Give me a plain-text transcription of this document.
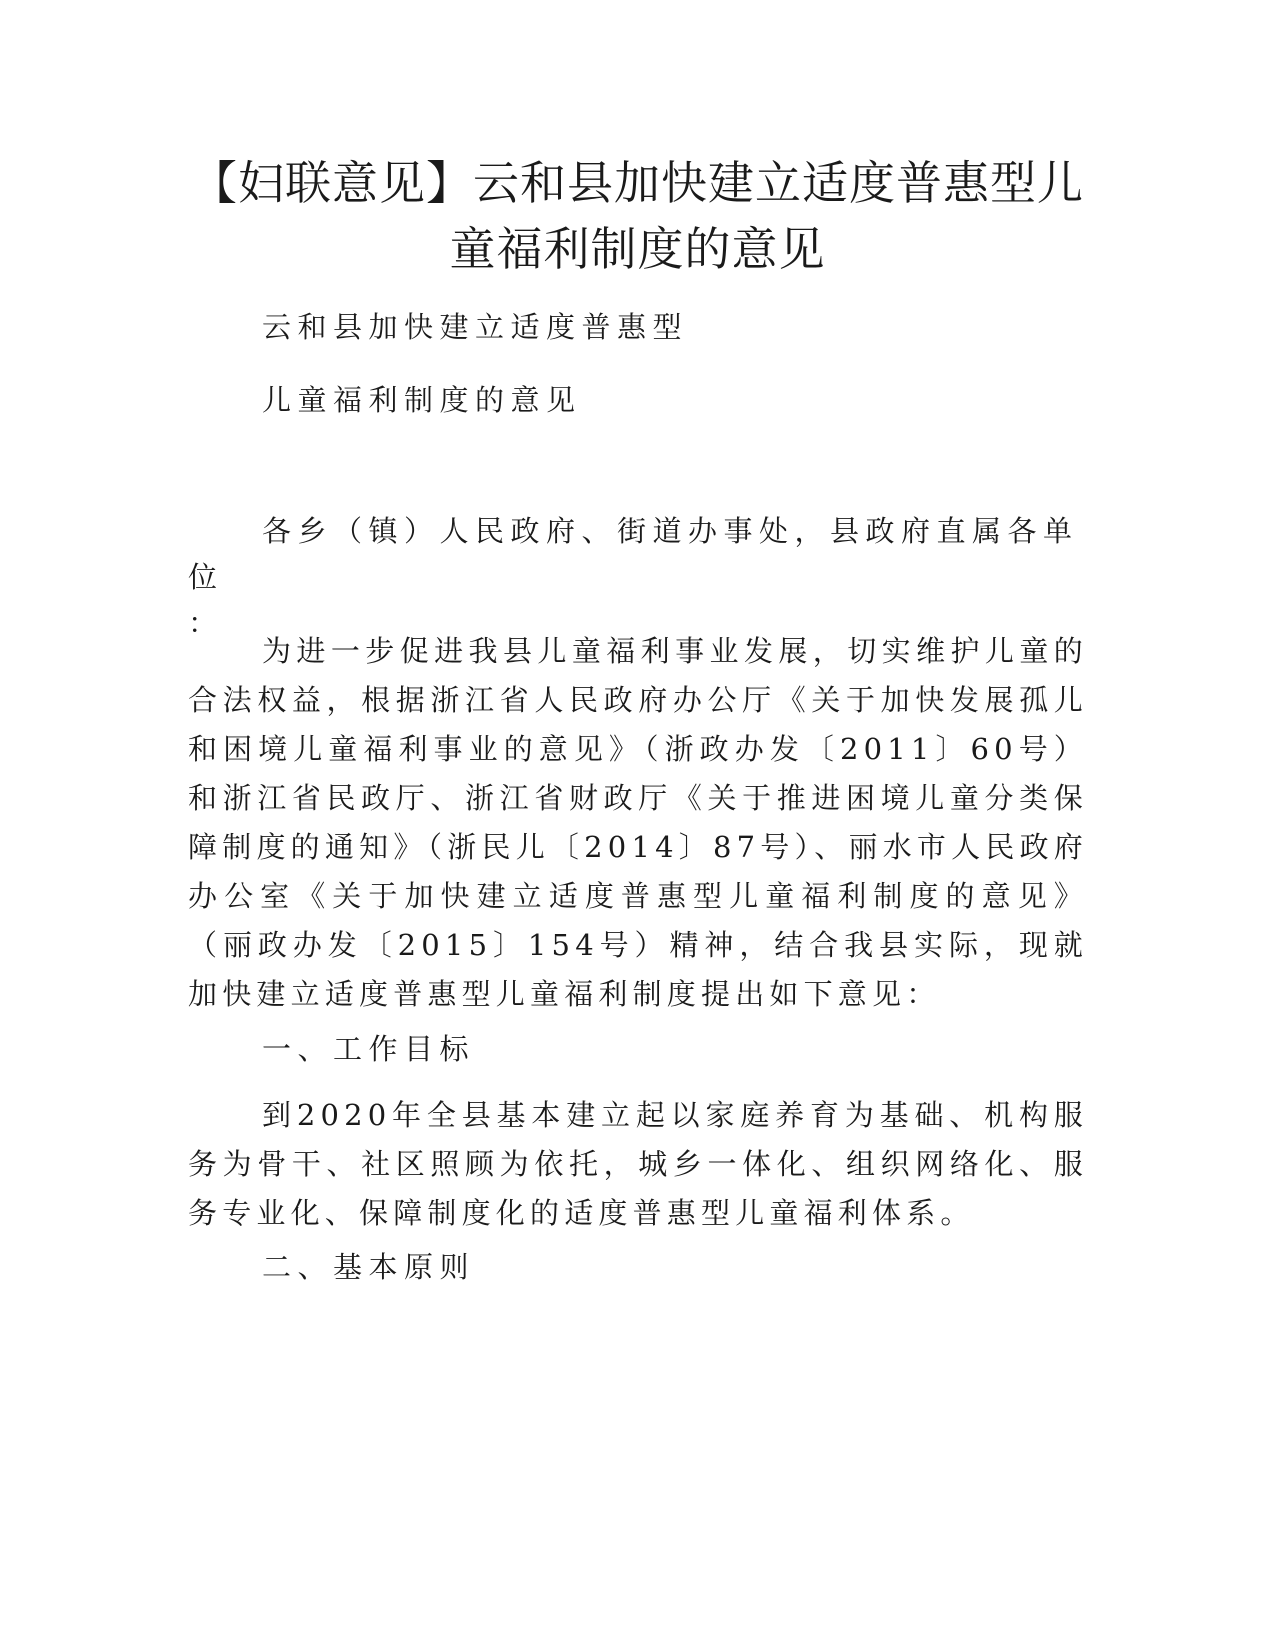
【妇联意见】云和县加快建立适度普惠型儿
童福利制度的意见

云和县加快建立适度普惠型

儿童福利制度的意见

各乡（镇）人民政府、街道办事处，县政府直属各单位
：

为进一步促进我县儿童福利事业发展，切实维护儿童的合法权益，根据浙江省人民政府办公厅《关于加快发展孤儿和困境儿童福利事业的意见》（浙政办发〔2011〕60号）和浙江省民政厅、浙江省财政厅《关于推进困境儿童分类保障制度的通知》（浙民儿〔2014〕87号）、丽水市人民政府办公室《关于加快建立适度普惠型儿童福利制度的意见》（丽政办发〔2015〕154号）精神，结合我县实际，现就加快建立适度普惠型儿童福利制度提出如下意见：

一、工作目标

到2020年全县基本建立起以家庭养育为基础、机构服务为骨干、社区照顾为依托，城乡一体化、组织网络化、服务专业化、保障制度化的适度普惠型儿童福利体系。

二、基本原则
